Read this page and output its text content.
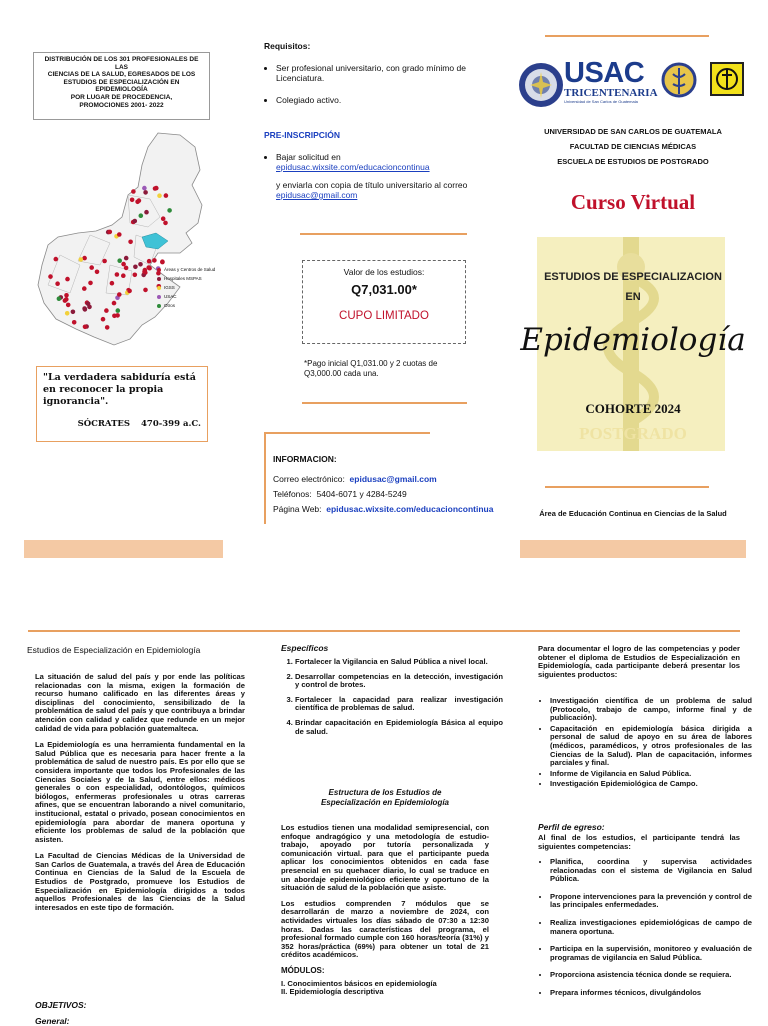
DISTRIBUCIÓN DE LOS 301 PROFESIONALES DE LAS
CIENCIAS DE LA SALUD, EGRESADOS DE LOS
ESTUDIOS DE ESPECIALIZACIÓN EN EPIDEMIOLOGÍA
POR LUGAR DE PROCEDENCIA,
PROMOCIONES 2001- 2022
Áreas y Centros de Salud
Hospitales MSPAS
IGSS
USAC
Otros
"La verdadera sabiduría está en reconocer la propia ignorancia".
SÓCRATES 470-399 a.C.
Requisitos:
• Ser profesional universitario, con grado mínimo de Licenciatura.
• Colegiado activo.
PRE-INSCRIPCIÓN
• Bajar solicitud en
epidusac.wixsite.com/educacioncontinua
y enviarla con copia de título universitario al correo
epidusac@gmail.com
Valor de los estudios:
Q7,031.00*
CUPO LIMITADO
*Pago inicial Q1,031.00 y 2 cuotas de Q3,000.00 cada una.
INFORMACION:
Correo electrónico: epidusac@gmail.com
Teléfonos: 5404-6071 y 4284-5249
Página Web: epidusac.wixsite.com/educacioncontinua
USAC
TRICENTENARIA
Universidad de San Carlos de Guatemala
UNIVERSIDAD DE SAN CARLOS DE GUATEMALA
FACULTAD DE CIENCIAS MÉDICAS
ESCUELA DE ESTUDIOS DE POSTGRADO
Curso Virtual
ESTUDIOS DE ESPECIALIZACION
EN
Epidemiología
COHORTE 2024
POSTGRADO
Área de Educación Continua en Ciencias de la Salud
Estudios de Especialización en Epidemiología

La situación de salud del país y por ende las políticas relacionadas con la misma, exigen la formación de recurso humano calificado en las diferentes áreas y disciplinas del conocimiento, sensibilizado de la problemática de salud del país y que contribuya a brindar atención con calidad y calidez que redunde en un mejor calidad de vida para población guatemalteca.

La Epidemiología es una herramienta fundamental en la Salud Pública que es necesaria para hacer frente a la problemática de salud de nuestro país. Es por ello que se considera importante que todos los Profesionales de las Ciencias Sociales y de la Salud, entre ellos: médicos generales o con especialidad, odontólogos, químicos biólogos, enfermeras profesionales u otras carreras afines, que se encuentran laborando a nivel comunitario, institucional, estatal o privado, posean conocimientos en epidemiología para abordar de manera oportuna y eficiente los problemas de salud de la población que asisten.

La Facultad de Ciencias Médicas de la Universidad de San Carlos de Guatemala, a través del Área de Educación Continua en Ciencias de la Salud de la Escuela de Estudios de Postgrado, promueve los Estudios de Especialización en Epidemiología dirigidos a todos aquellos Profesionales de las Ciencias de la Salud interesados en este tipo de formación.

OBJETIVOS:
General:
Específicos
1. Fortalecer la Vigilancia en Salud Pública a nivel local.
2. Desarrollar competencias en la detección, investigación y control de brotes.
3. Fortalecer la capacidad para realizar investigación científica de problemas de salud.
4. Brindar capacitación en Epidemiología Básica al equipo de salud.
Estructura de los Estudios de
Especialización en Epidemiología

Los estudios tienen una modalidad semipresencial, con enfoque andragógico y una metodología de estudio-trabajo, apoyado por tutoría personalizada y comunicación virtual. para que el participante pueda aplicar los conocimientos obtenidos en cada fase presencial en su quehacer diario, lo cual se traduce en un abordaje epidemiológico eficiente y oportuno de la situación de salud de la población que asiste.

Los estudios comprenden 7 módulos que se desarrollarán de marzo a noviembre de 2024, con actividades virtuales los días sábado de 07:30 a 12:30 horas. Dadas las características del programa, el profesional formado cumple con 160 horas/teoría (31%) y 352 horas/práctica (69%) para obtener un total de 21 créditos académicos.

MÓDULOS:
I. Conocimientos básicos en epidemiología
II. Epidemiología descriptiva
Para documentar el logro de las competencias y poder obtener el diploma de Estudios de Especialización en Epidemiología, cada participante deberá presentar los siguientes productos:
• Investigación científica de un problema de salud (Protocolo, trabajo de campo, informe final y de publicación).
• Capacitación en epidemiología básica dirigida a personal de salud de apoyo en su área de labores (médicos, paramédicos, y otros profesionales de las Ciencias de la Salud). Plan de capacitación, informes parciales y final.
• Informe de Vigilancia en Salud Pública.
• Investigación Epidemiológica de Campo.
Perfil de egreso:
Al final de los estudios, el participante tendrá las siguientes competencias:
• Planifica, coordina y supervisa actividades relacionadas con el sistema de Vigilancia en Salud Pública.
• Propone intervenciones para la prevención y control de las principales enfermedades.
• Realiza investigaciones epidemiológicas de campo de manera oportuna.
• Participa en la supervisión, monitoreo y evaluación de programas de vigilancia en Salud Pública.
• Proporciona asistencia técnica donde se requiera.
• Prepara informes técnicos, divulgándolos
